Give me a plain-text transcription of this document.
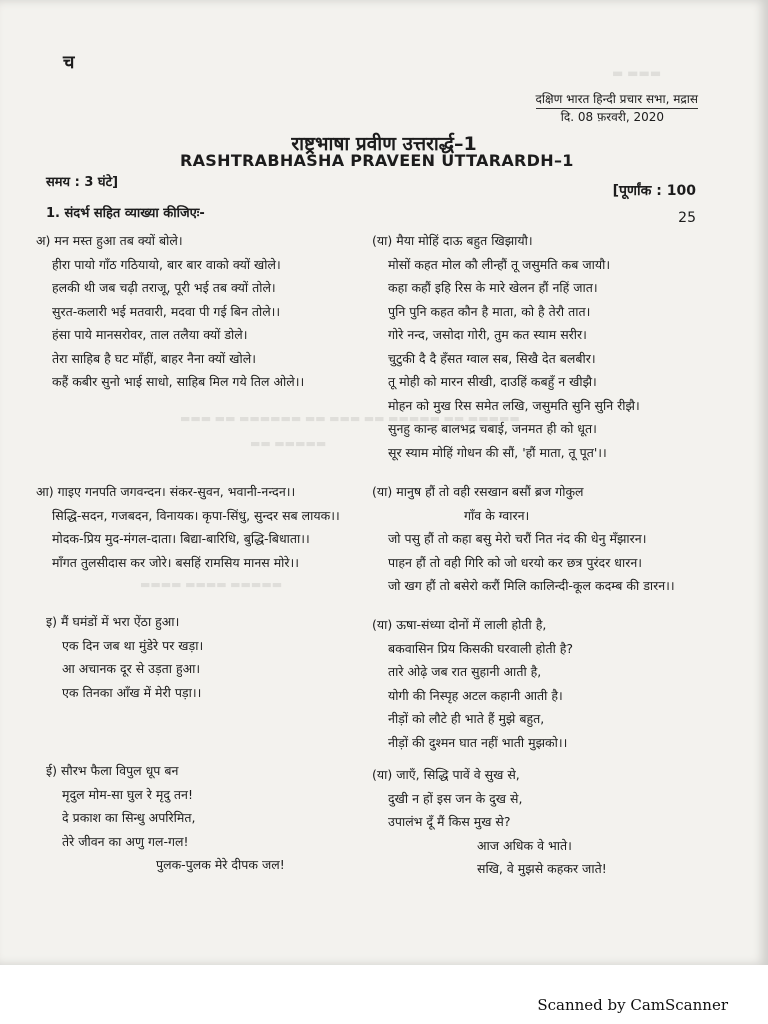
▬ ▬▬▬
▬▬▬ ▬▬ ▬▬▬▬▬▬ ▬▬ ▬▬▬ ▬▬ ▬▬▬▬▬ ▬▬ ▬▬▬▬▬
▬▬ ▬▬▬▬▬
▬▬▬▬ ▬▬▬▬ ▬▬▬▬▬
च
दक्षिण भारत हिन्दी प्रचार सभा, मद्रास
दि. 08 फ़रवरी, 2020
राष्ट्रभाषा प्रवीण उत्तरार्द्ध–1
RASHTRABHASHA PRAVEEN UTTARARDH–1
समय : 3 घंटे]
[पूर्णांक : 100
1. संदर्भ सहित व्याख्या कीजिएः-	25
अ) मन मस्त हुआ तब क्यों बोले।
हीरा पायो गाँठ गठियायो, बार बार वाको क्यों खोले।
हलकी थी जब चढ़ी तराजू, पूरी भई तब क्यों तोले।
सुरत-कलारी भई मतवारी, मदवा पी गई बिन तोले।।
हंसा पाये मानसरोवर, ताल तलैया क्यों डोले।
तेरा साहिब है घट माँहीं, बाहर नैना क्यों खोले।
कहैं कबीर सुनो भाई साधो, साहिब मिल गये तिल ओले।।
(या) मैया मोहिं दाऊ बहुत खिझायौ।
मोसों कहत मोल कौ लीन्हौं तू जसुमति कब जायौ।
कहा कहौं इहि रिस के मारे खेलन हौं नहिं जात।
पुनि पुनि कहत कौन है माता, को है तेरौ तात।
गोरे नन्द, जसोदा गोरी, तुम कत स्याम सरीर।
चुटुकी दै दै हँसत ग्वाल सब, सिखै देत बलबीर।
तू मोही को मारन सीखी, दाउहिं कबहुँ न खीझै।
मोहन को मुख रिस समेत लखि, जसुमति सुनि सुनि रीझै।
सुनहु कान्ह बालभद्र चबाई, जनमत ही को धूत।
सूर स्याम मोहिं गोधन की सौं, 'हौं माता, तू पूत'।।
आ) गाइए गनपति जगवन्दन। संकर-सुवन, भवानी-नन्दन।।
सिद्धि-सदन, गजबदन, विनायक। कृपा-सिंधु, सुन्दर सब लायक।।
मोदक-प्रिय मुद-मंगल-दाता। बिद्या-बारिधि, बुद्धि-बिधाता।।
माँगत तुलसीदास कर जोरे। बसहिं रामसिय मानस मोरे।।
(या) मानुष हौं तो वही रसखान बसौं ब्रज गोकुल
गाँव के ग्वारन।
जो पसु हौं तो कहा बसु मेरो चरौं नित नंद की धेनु मँझारन।
पाहन हौं तो वही गिरि को जो धरयो कर छत्र पुरंदर धारन।
जो खग हौं तो बसेरो करौं मिलि कालिन्दी-कूल कदम्ब की डारन।।
इ) मैं घमंडों में भरा ऐंठा हुआ।
एक दिन जब था मुंडेरे पर खड़ा।
आ अचानक दूर से उड़ता हुआ।
एक तिनका आँख में मेरी पड़ा।।
(या) ऊषा-संध्या दोनों में लाली होती है,
बकवासिन प्रिय किसकी घरवाली होती है?
तारे ओढ़े जब रात सुहानी आती है,
योगी की निस्पृह अटल कहानी आती है।
नीड़ों को लौटे ही भाते हैं मुझे बहुत,
नीड़ों की दुश्मन घात नहीं भाती मुझको।।
ई) सौरभ फैला विपुल धूप बन
मृदुल मोम-सा घुल रे मृदु तन!
दे प्रकाश का सिन्धु अपरिमित,
तेरे जीवन का अणु गल-गल!
पुलक-पुलक मेरे दीपक जल!
(या) जाएँ, सिद्धि पावें वे सुख से,
दुखी न हों इस जन के दुख से,
उपालंभ दूँ मैं किस मुख से?
आज अधिक वे भाते।
सखि, वे मुझसे कहकर जाते!
Scanned by CamScanner
